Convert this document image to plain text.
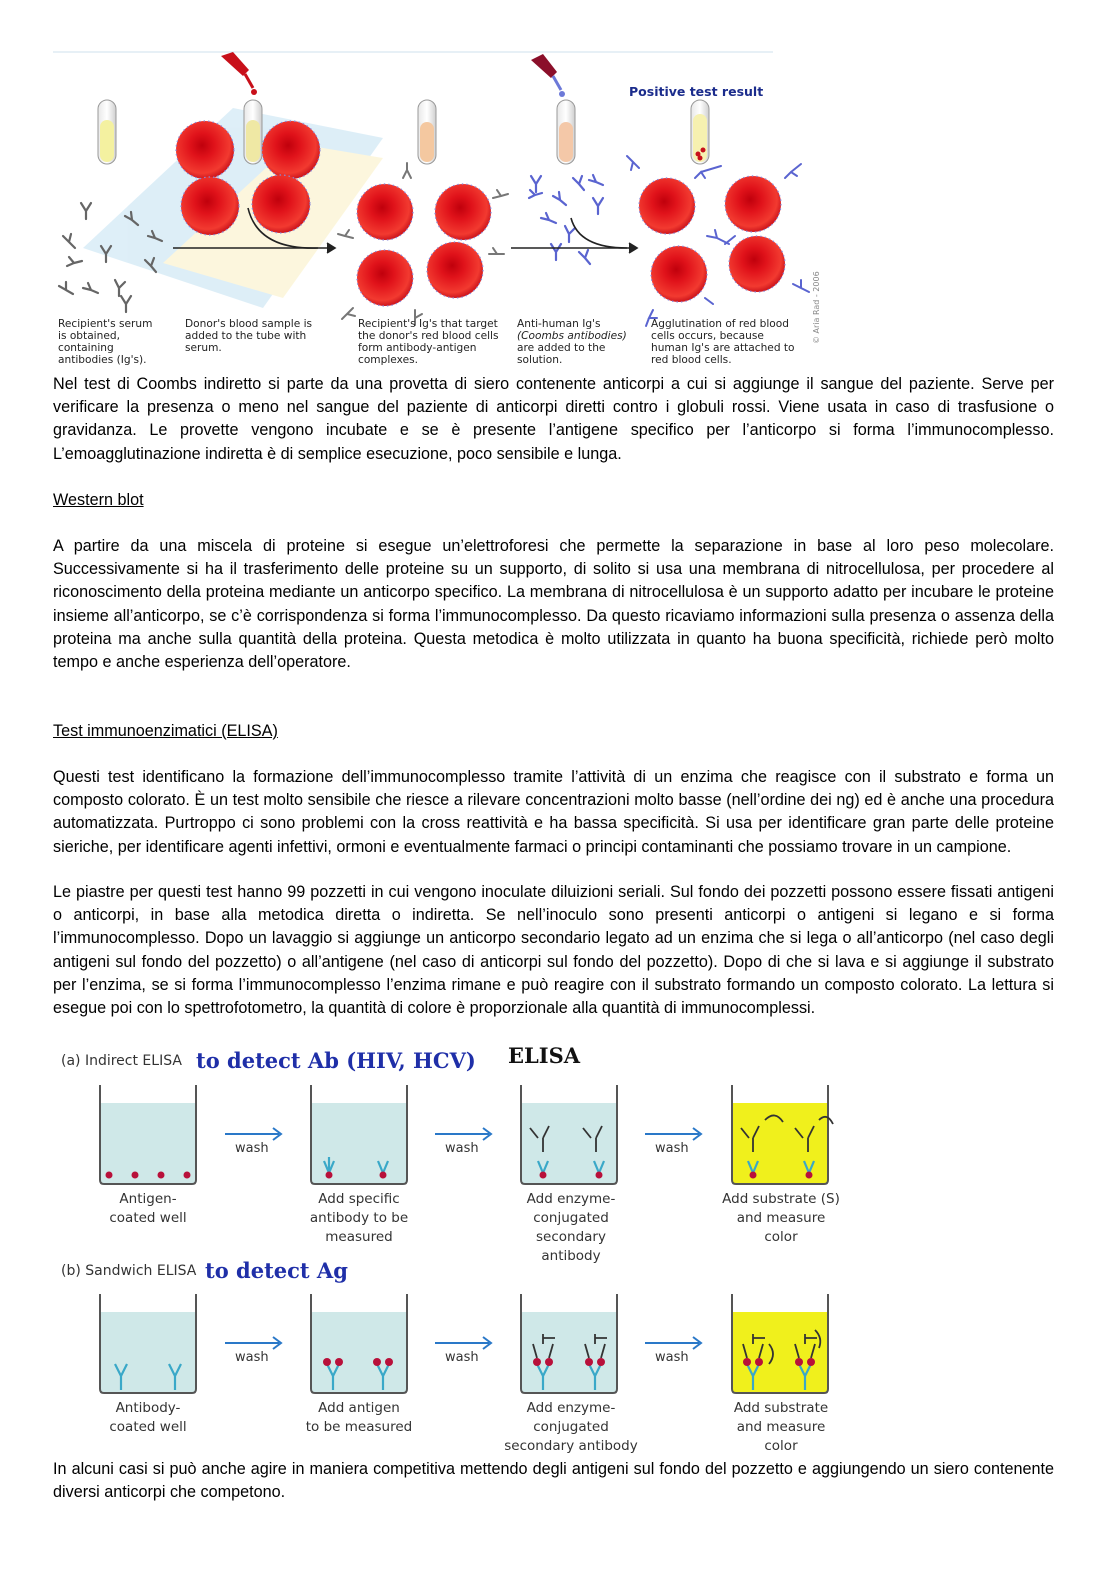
Positive test result
© Aria Rad - 2006
Recipient's serum is obtained, containing antibodies (Ig's).
Donor's blood sample is added to the tube with serum.
Recipient's Ig's that target the donor's red blood cells form antibody-antigen complexes.
Anti-human Ig's (Coombs antibodies) are added to the solution.
Agglutination of red blood cells occurs, because human Ig's are attached to red blood cells.

Nel test di Coombs indiretto si parte da una provetta di siero contenente anticorpi a cui si aggiunge il sangue del paziente. Serve per verificare la presenza o meno nel sangue del paziente di anticorpi diretti contro i globuli rossi. Viene usata in caso di trasfusione o gravidanza. Le provette vengono incubate e se è presente l’antigene specifico per l’anticorpo si forma l’immunocomplesso. L’emoagglutinazione indiretta è di semplice esecuzione, poco sensibile e lunga.

Western blot

A partire da una miscela di proteine si esegue un’elettroforesi che permette la separazione in base al loro peso molecolare. Successivamente si ha il trasferimento delle proteine su un supporto, di solito si usa una membrana di nitrocellulosa, per procedere al riconoscimento della proteina mediante un anticorpo specifico. La membrana di nitrocellulosa è un supporto adatto per incubare le proteine insieme all’anticorpo, se c’è corrispondenza si forma l’immunocomplesso. Da questo ricaviamo informazioni sulla presenza o assenza della proteina ma anche sulla quantità della proteina. Questa metodica è molto utilizzata in quanto ha buona specificità, richiede però molto tempo e anche esperienza dell’operatore.

Test immunoenzimatici (ELISA)

Questi test identificano la formazione dell’immunocomplesso tramite l’attività di un enzima che reagisce con il substrato e forma un composto colorato. È un test molto sensibile che riesce a rilevare concentrazioni molto basse (nell’ordine dei ng) ed è anche una procedura automatizzata. Purtroppo ci sono problemi con la cross reattività e ha bassa specificità. Si usa per identificare gran parte delle proteine sieriche, per identificare agenti infettivi, ormoni e eventualmente farmaci o principi contaminanti che possiamo trovare in un campione.

Le piastre per questi test hanno 99 pozzetti in cui vengono inoculate diluizioni seriali. Sul fondo dei pozzetti possono essere fissati antigeni o anticorpi, in base alla metodica diretta o indiretta. Se nell’inoculo sono presenti anticorpi o antigeni si legano e si forma l’immunocomplesso. Dopo un lavaggio si aggiunge un anticorpo secondario legato ad un enzima che si lega o all’anticorpo (nel caso degli antigeni sul fondo del pozzetto) o all’antigene (nel caso di anticorpi sul fondo del pozzetto). Dopo di che si lava e si aggiunge il substrato per l’enzima, se si forma l’immunocomplesso l’enzima rimane e può reagire con il substrato formando un composto colorato. La lettura si esegue poi con lo spettrofotometro, la quantità di colore è proporzionale alla quantità di immunocomplessi.

(a) Indirect ELISA to detect Ab (HIV, HCV) ELISA
wash	wash	wash
Antigen-coated well
Add specific antibody to be measured
Add enzyme-conjugated secondary antibody
Add substrate (S) and measure color
(b) Sandwich ELISA to detect Ag
wash	wash	wash
Antibody-coated well
Add antigen to be measured
Add enzyme-conjugated secondary antibody
Add substrate and measure color

In alcuni casi si può anche agire in maniera competitiva mettendo degli antigeni sul fondo del pozzetto e aggiungendo un siero contenente diversi anticorpi che competono.
